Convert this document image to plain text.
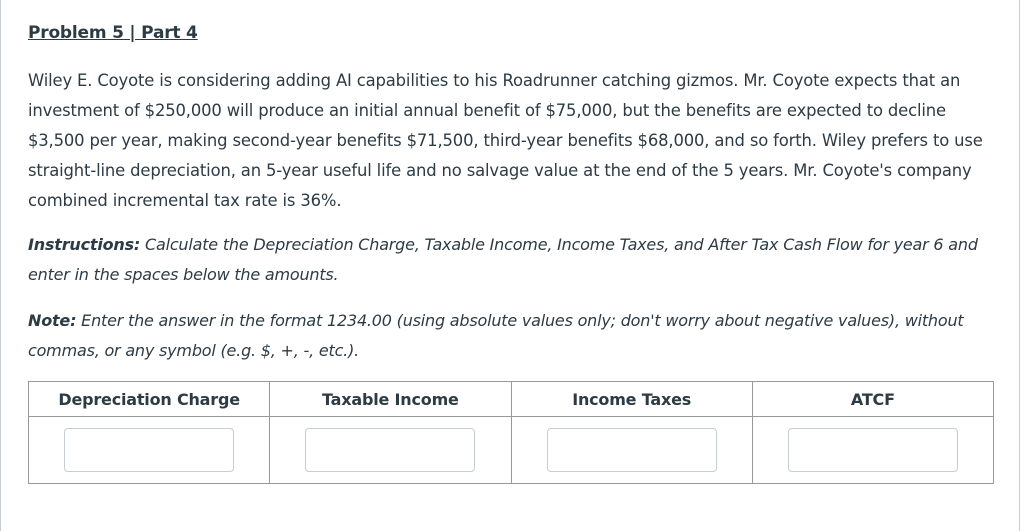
Problem 5 | Part 4
Wiley E. Coyote is considering adding AI capabilities to his Roadrunner catching gizmos. Mr. Coyote expects that an investment of $250,000 will produce an initial annual benefit of $75,000, but the benefits are expected to decline $3,500 per year, making second-year benefits $71,500, third-year benefits $68,000, and so forth. Wiley prefers to use straight-line depreciation, an 5-year useful life and no salvage value at the end of the 5 years. Mr. Coyote's company combined incremental tax rate is 36%.
Instructions: Calculate the Depreciation Charge, Taxable Income, Income Taxes, and After Tax Cash Flow for year 6 and enter in the spaces below the amounts.
Note: Enter the answer in the format 1234.00 (using absolute values only; don't worry about negative values), without commas, or any symbol (e.g. $, +, -, etc.).
Depreciation Charge	Taxable Income	Income Taxes	ATCF
